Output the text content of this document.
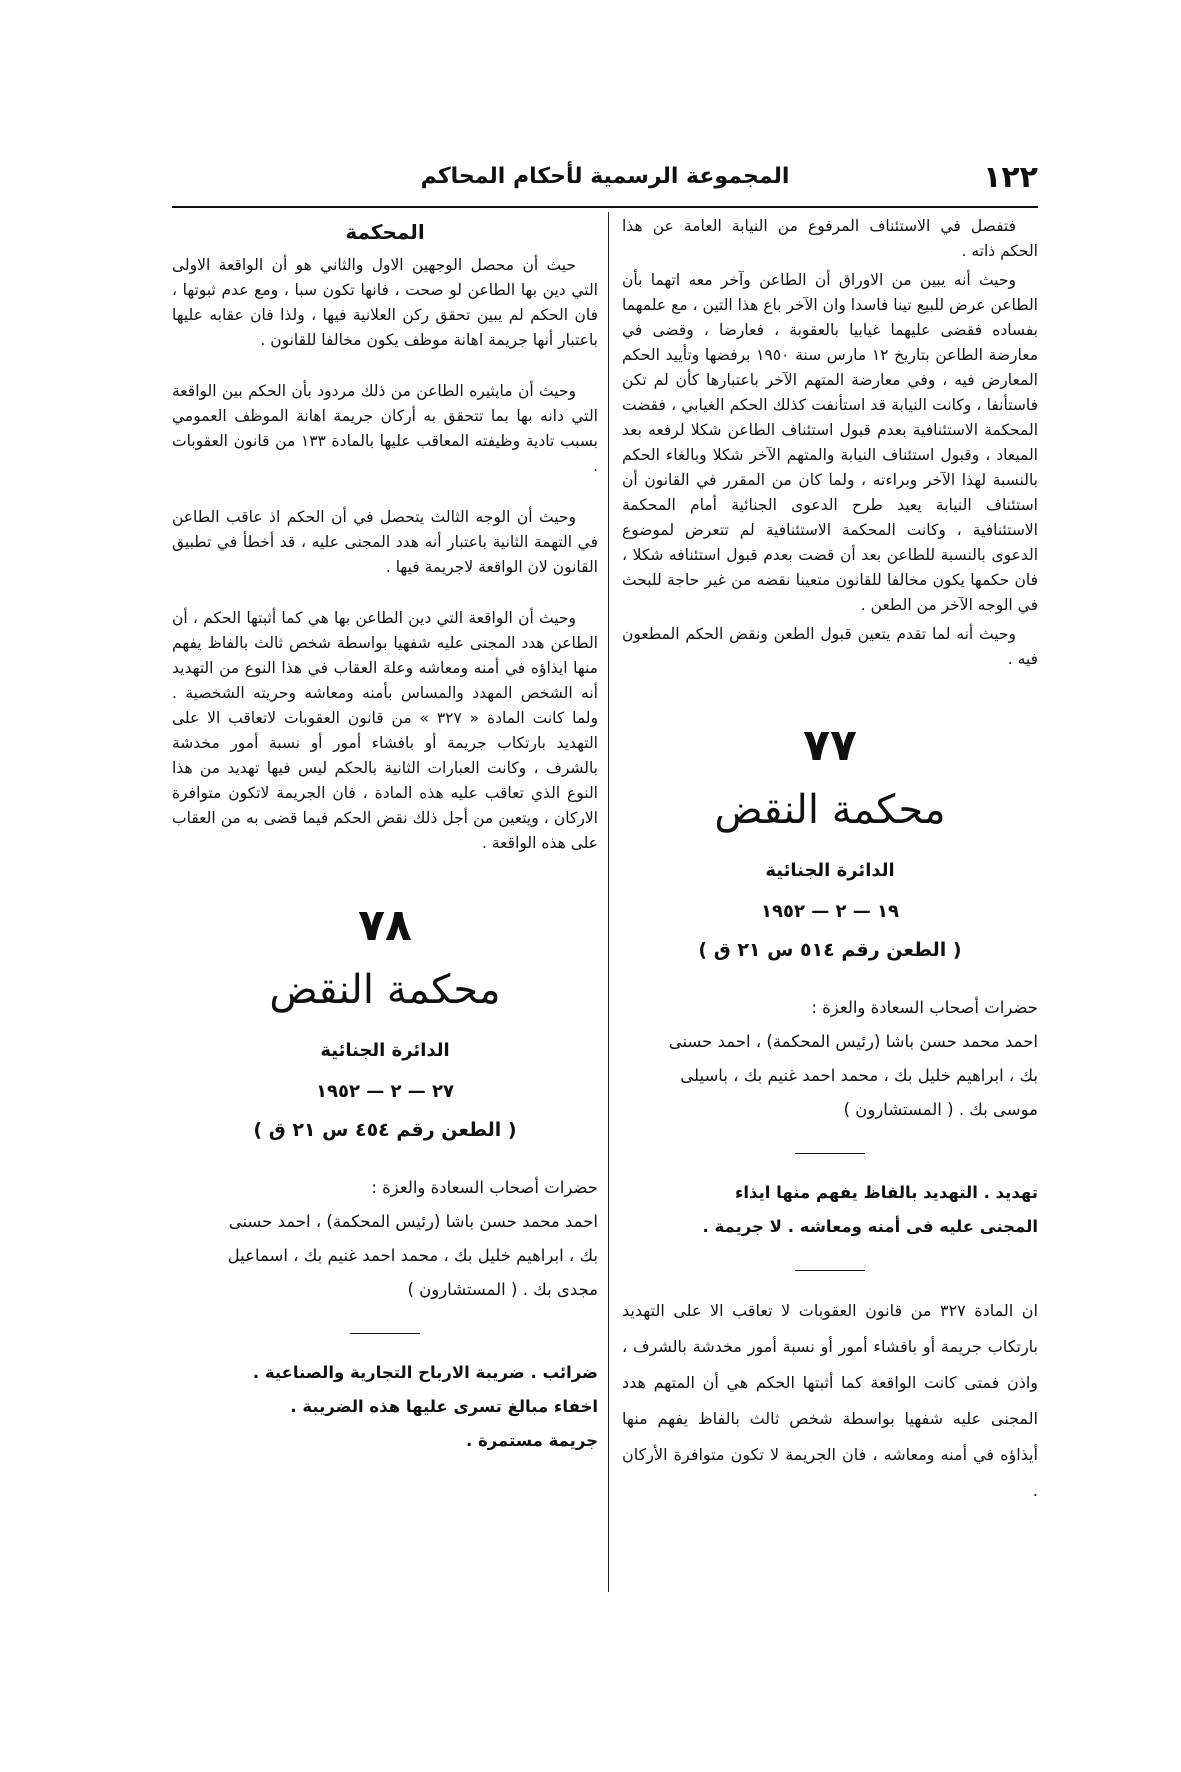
١٢٢
المجموعة الرسمية لأحكام المحاكم

فتفصل في الاستئناف المرفوع من النيابة العامة عن هذا الحكم ذاته .

وحيث أنه يبين من الاوراق أن الطاعن وآخر معه اتهما بأن الطاعن عرض للبيع تينا فاسدا وان الآخر باع هذا التين ، مع علمهما بفساده فقضى عليهما غيابيا بالعقوبة ، فعارضا ، وقضى في معارضة الطاعن بتاريخ ١٢ مارس سنة ١٩٥٠ برفضها وتأييد الحكم المعارض فيه ، وفي معارضة المتهم الآخر باعتبارها كأن لم تكن فاستأنفا ، وكانت النيابة قد استأنفت كذلك الحكم الغيابي ، فقضت المحكمة الاستئنافية بعدم قبول استئناف الطاعن شكلا لرفعه بعد الميعاد ، وقبول استئناف النيابة والمتهم الآخر شكلا وبالغاء الحكم بالنسبة لهذا الآخر وبراءته ، ولما كان من المقرر في القانون أن استئناف النيابة يعيد طرح الدعوى الجنائية أمام المحكمة الاستئنافية ، وكانت المحكمة الاستئنافية لم تتعرض لموضوع الدعوى بالنسبة للطاعن بعد أن قضت بعدم قبول استئنافه شكلا ، فان حكمها يكون مخالفا للقانون متعينا نقضه من غير حاجة للبحث في الوجه الآخر من الطعن .

وحيث أنه لما تقدم يتعين قبول الطعن ونقض الحكم المطعون فيه .

٧٧
محكمة النقض
الدائرة الجنائية
١٩ — ٢ — ١٩٥٢
( الطعن رقم ٥١٤ س ٢١ ق )

حضرات أصحاب السعادة والعزة :

احمد محمد حسن باشا (رئيس المحكمة) ، احمد حسنى

بك ، ابراهيم خليل بك ، محمد احمد غنيم بك ، باسيلى

موسى بك . ( المستشارون )

تهديد . التهديد بالفاظ يفهم منها ايذاء

المجنى عليه فى أمنه ومعاشه . لا جريمة .

ان المادة ٣٢٧ من قانون العقوبات لا تعاقب الا على التهديد بارتكاب جريمة أو بافشاء أمور أو نسبة أمور مخدشة بالشرف ، واذن فمتى كانت الواقعة كما أثبتها الحكم هي أن المتهم هدد المجنى عليه شفهيا بواسطة شخص ثالث بالفاظ يفهم منها أيذاؤه في أمنه ومعاشه ، فان الجريمة لا تكون متوافرة الأركان .

المحكمة

حيث أن محصل الوجهين الاول والثاني هو أن الواقعة الاولى التي دين بها الطاعن لو صحت ، فانها تكون سبا ، ومع عدم ثبوتها ، فان الحكم لم يبين تحقق ركن العلانية فيها ، ولذا فان عقابه عليها باعتبار أنها جريمة اهانة موظف يكون مخالفا للقانون .

وحيث أن مايثيره الطاعن من ذلك مردود بأن الحكم بين الواقعة التي دانه بها بما تتحقق به أركان جريمة اهانة الموظف العمومي بسبب تادية وظيفته المعاقب عليها بالمادة ١٣٣ من قانون العقوبات .

وحيث أن الوجه الثالث يتحصل في أن الحكم اذ عاقب الطاعن في التهمة الثانية باعتبار أنه هدد المجنى عليه ، قد أخطأ في تطبيق القانون لان الواقعة لاجريمة فيها .

وحيث أن الواقعة التي دين الطاعن بها هي كما أثبتها الحكم ، أن الطاعن هدد المجنى عليه شفهيا بواسطة شخص ثالث بالفاظ يفهم منها ايذاؤه في أمنه ومعاشه وعلة العقاب في هذا النوع من التهديد أنه الشخص المهدد والمساس بأمنه ومعاشه وحريته الشخصية . ولما كانت المادة « ٣٢٧ » من قانون العقوبات لاتعاقب الا على التهديد بارتكاب جريمة أو بافشاء أمور أو نسبة أمور مخدشة بالشرف ، وكانت العبارات الثانية بالحكم ليس فيها تهديد من هذا النوع الذي تعاقب عليه هذه المادة ، فان الجريمة لاتكون متوافرة الاركان ، ويتعين من أجل ذلك نقض الحكم فيما قضى به من العقاب على هذه الواقعة .

٧٨
محكمة النقض
الدائرة الجنائية
٢٧ — ٢ — ١٩٥٢
( الطعن رقم ٤٥٤ س ٢١ ق )

حضرات أصحاب السعادة والعزة :

احمد محمد حسن باشا (رئيس المحكمة) ، احمد حسنى

بك ، ابراهيم خليل بك ، محمد احمد غنيم بك ، اسماعيل

مجدى بك . ( المستشارون )

ضرائب . ضريبة الارباح التجارية والصناعية .

اخفاء مبالغ تسرى عليها هذه الضريبة .

جريمة مستمرة .
